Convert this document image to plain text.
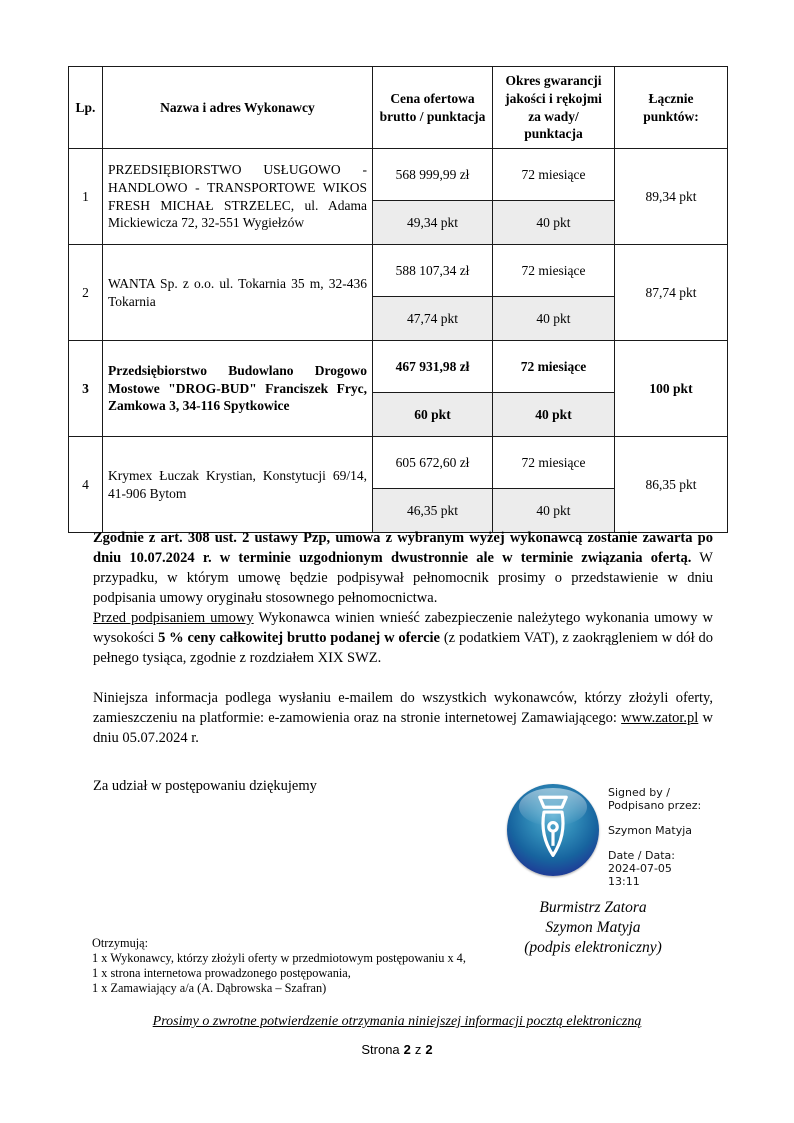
Lp.	Nazwa i adres Wykonawcy	Cena ofertowa brutto / punktacja	Okres gwarancji jakości i rękojmi za wady/ punktacja	Łącznie punktów:
1	PRZEDSIĘBIORSTWO USŁUGOWO - HANDLOWO - TRANSPORTOWE WIKOS FRESH MICHAŁ STRZELEC, ul. Adama Mickiewicza 72, 32-551 Wygiełzów	568 999,99 zł	72 miesiące	89,34 pkt
		49,34 pkt	40 pkt	
2	WANTA Sp. z o.o. ul. Tokarnia 35 m, 32-436 Tokarnia	588 107,34 zł	72 miesiące	87,74 pkt
		47,74 pkt	40 pkt	
3	Przedsiębiorstwo Budowlano Drogowo Mostowe "DROG-BUD" Franciszek Fryc, Zamkowa 3, 34-116 Spytkowice	467 931,98 zł	72 miesiące	100 pkt
		60 pkt	40 pkt	
4	Krymex Łuczak Krystian, Konstytucji 69/14, 41-906 Bytom	605 672,60 zł	72 miesiące	86,35 pkt
		46,35 pkt	40 pkt	

Zgodnie z art. 308 ust. 2 ustawy Pzp, umowa z wybranym wyżej wykonawcą zostanie zawarta po dniu 10.07.2024 r. w terminie uzgodnionym dwustronnie ale w terminie związania ofertą. W przypadku, w którym umowę będzie podpisywał pełnomocnik prosimy o przedstawienie w dniu podpisania umowy oryginału stosownego pełnomocnictwa.

Przed podpisaniem umowy Wykonawca winien wnieść zabezpieczenie należytego wykonania umowy w wysokości 5 % ceny całkowitej brutto podanej w ofercie (z podatkiem VAT), z zaokrągleniem w dół do pełnego tysiąca, zgodnie z rozdziałem XIX SWZ.

Niniejsza informacja podlega wysłaniu e-mailem do wszystkich wykonawców, którzy złożyli oferty, zamieszczeniu na platformie: e-zamowienia oraz na stronie internetowej Zamawiającego: www.zator.pl w dniu 05.07.2024 r.

Za udział w postępowaniu dziękujemy	Signed by /
Podpisano przez:
Szymon Matyja
Date / Data:
2024-07-05
13:11
Burmistrz Zatora
Szymon Matyja
(podpis elektroniczny)
Otrzymują:
1 x Wykonawcy, którzy złożyli oferty w przedmiotowym postępowaniu x 4,
1 x strona internetowa prowadzonego postępowania,
1 x Zamawiający a/a (A. Dąbrowska – Szafran)
Prosimy o zwrotne potwierdzenie otrzymania niniejszej informacji pocztą elektroniczną
Strona 2 z 2
